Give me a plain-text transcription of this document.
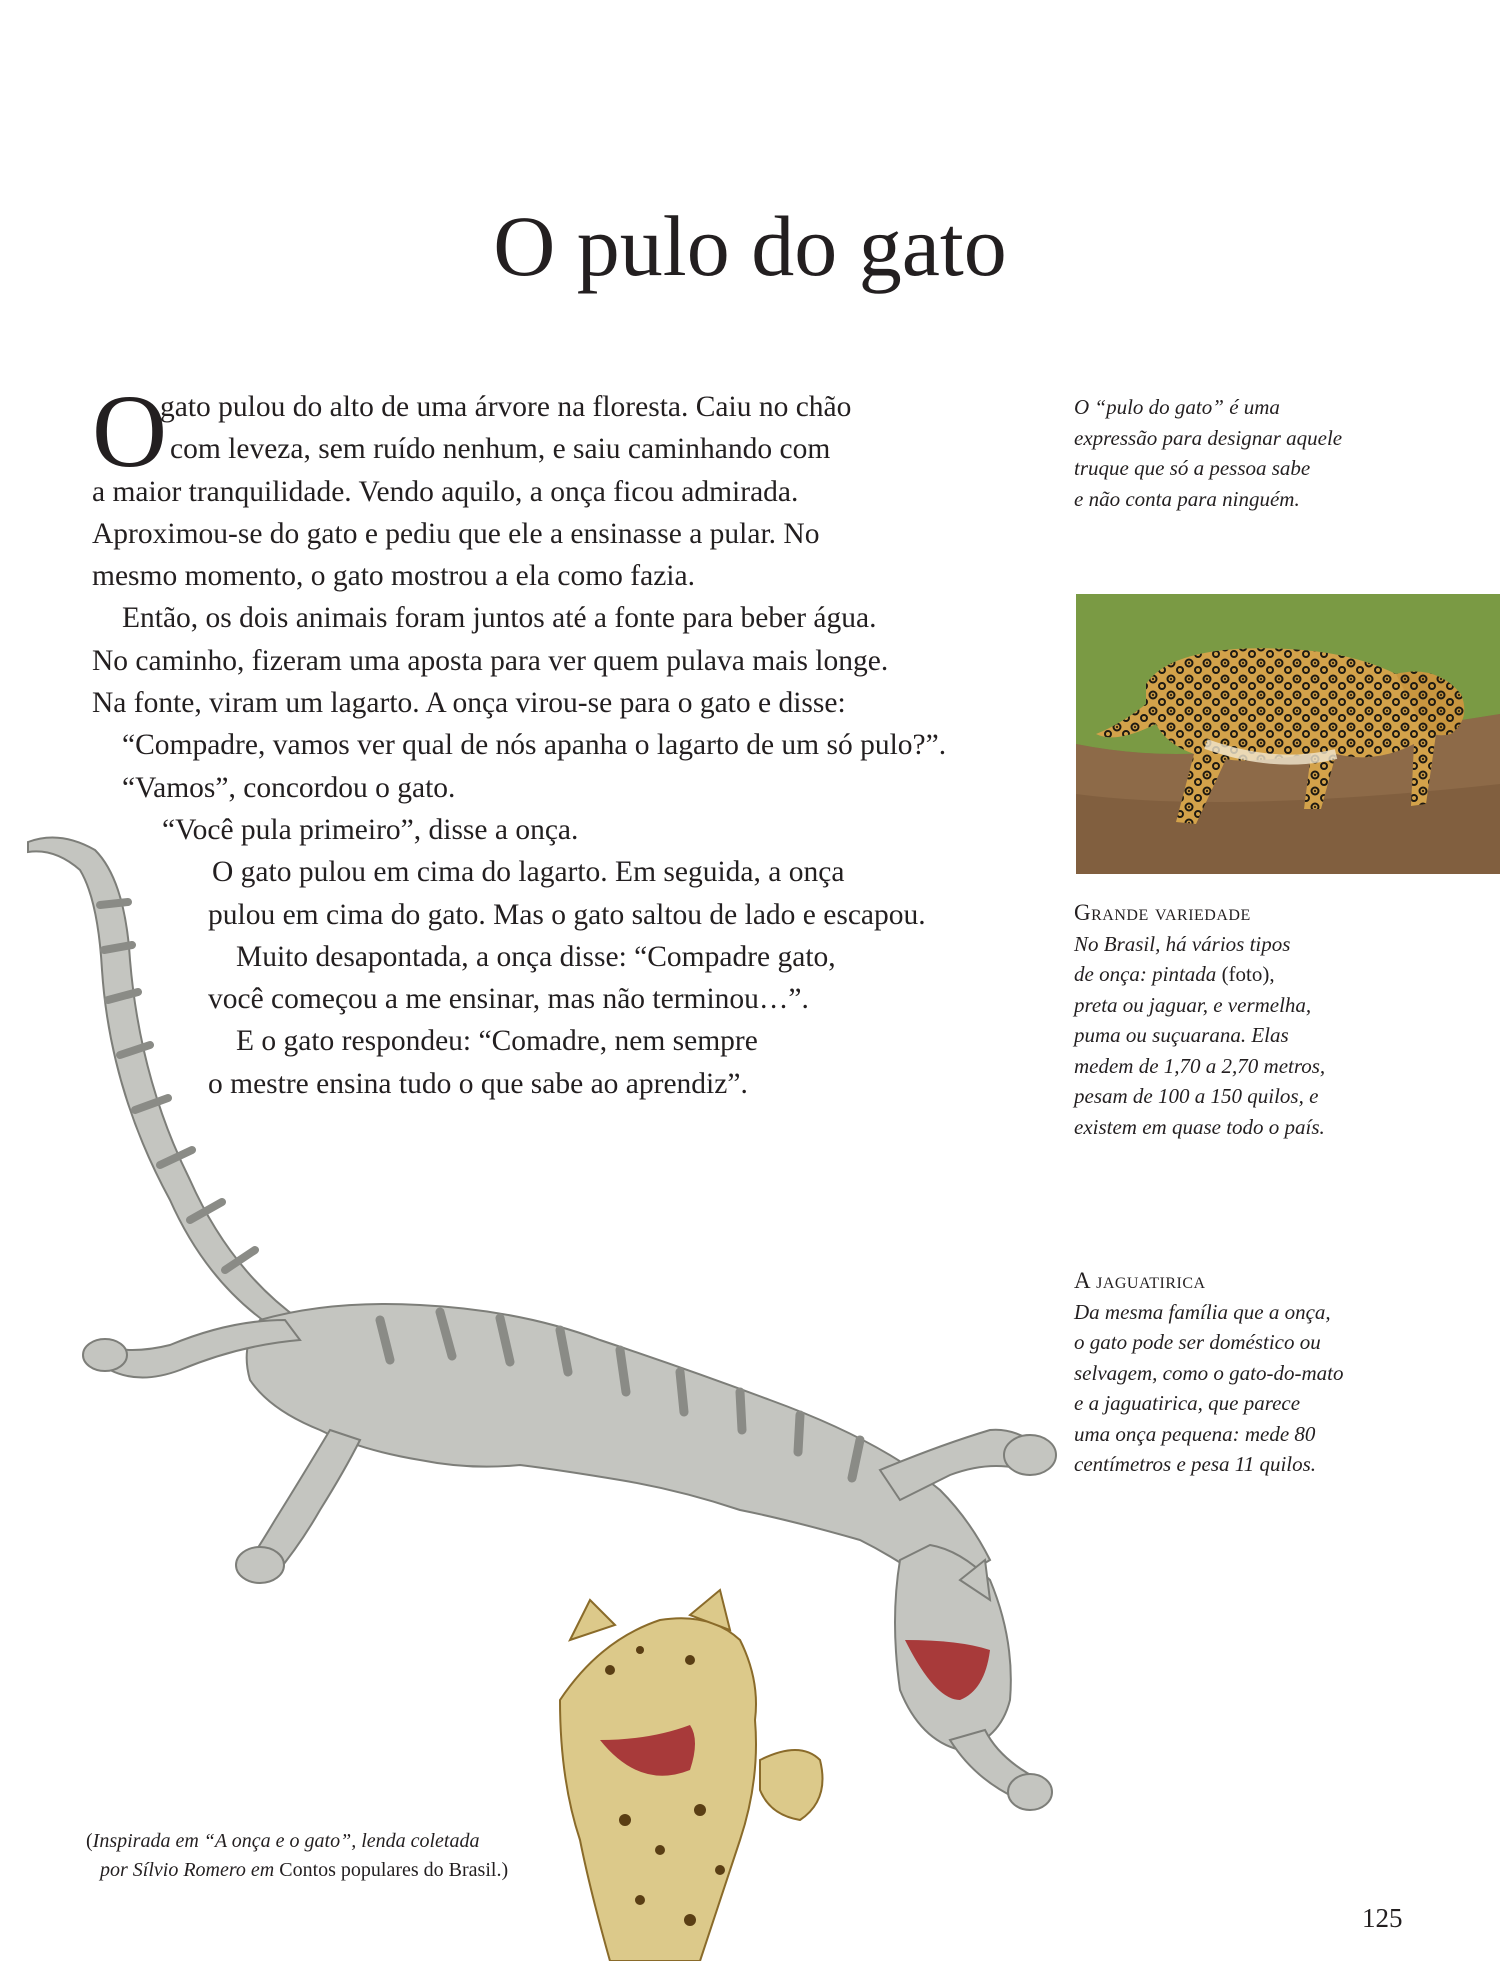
O pulo do gato
O
gato pulou do alto de uma árvore na floresta. Caiu no chão
com leveza, sem ruído nenhum, e saiu caminhando com
a maior tranquilidade. Vendo aquilo, a onça ficou admirada.
Aproximou-se do gato e pediu que ele a ensinasse a pular. No
mesmo momento, o gato mostrou a ela como fazia.
Então, os dois animais foram juntos até a fonte para beber água.
No caminho, fizeram uma aposta para ver quem pulava mais longe.
Na fonte, viram um lagarto. A onça virou-se para o gato e disse:
“Compadre, vamos ver qual de nós apanha o lagarto de um só pulo?”.
“Vamos”, concordou o gato.
“Você pula primeiro”, disse a onça.
O gato pulou em cima do lagarto. Em seguida, a onça
pulou em cima do gato. Mas o gato saltou de lado e escapou.
Muito desapontada, a onça disse: “Compadre gato,
você começou a me ensinar, mas não terminou…”.
E o gato respondeu: “Comadre, nem sempre
o mestre ensina tudo o que sabe ao aprendiz”.
O “pulo do gato” é uma
expressão para designar aquele
truque que só a pessoa sabe
e não conta para ninguém.
Grande variedade
No Brasil, há vários tipos
de onça: pintada (foto),
preta ou jaguar, e vermelha,
puma ou suçuarana. Elas
medem de 1,70 a 2,70 metros,
pesam de 100 a 150 quilos, e
existem em quase todo o país.
A jaguatirica
Da mesma família que a onça,
o gato pode ser doméstico ou
selvagem, como o gato-do-mato
e a jaguatirica, que parece
uma onça pequena: mede 80
centímetros e pesa 11 quilos.
(Inspirada em “A onça e o gato”, lenda coletada
por Sílvio Romero em Contos populares do Brasil.)
125
